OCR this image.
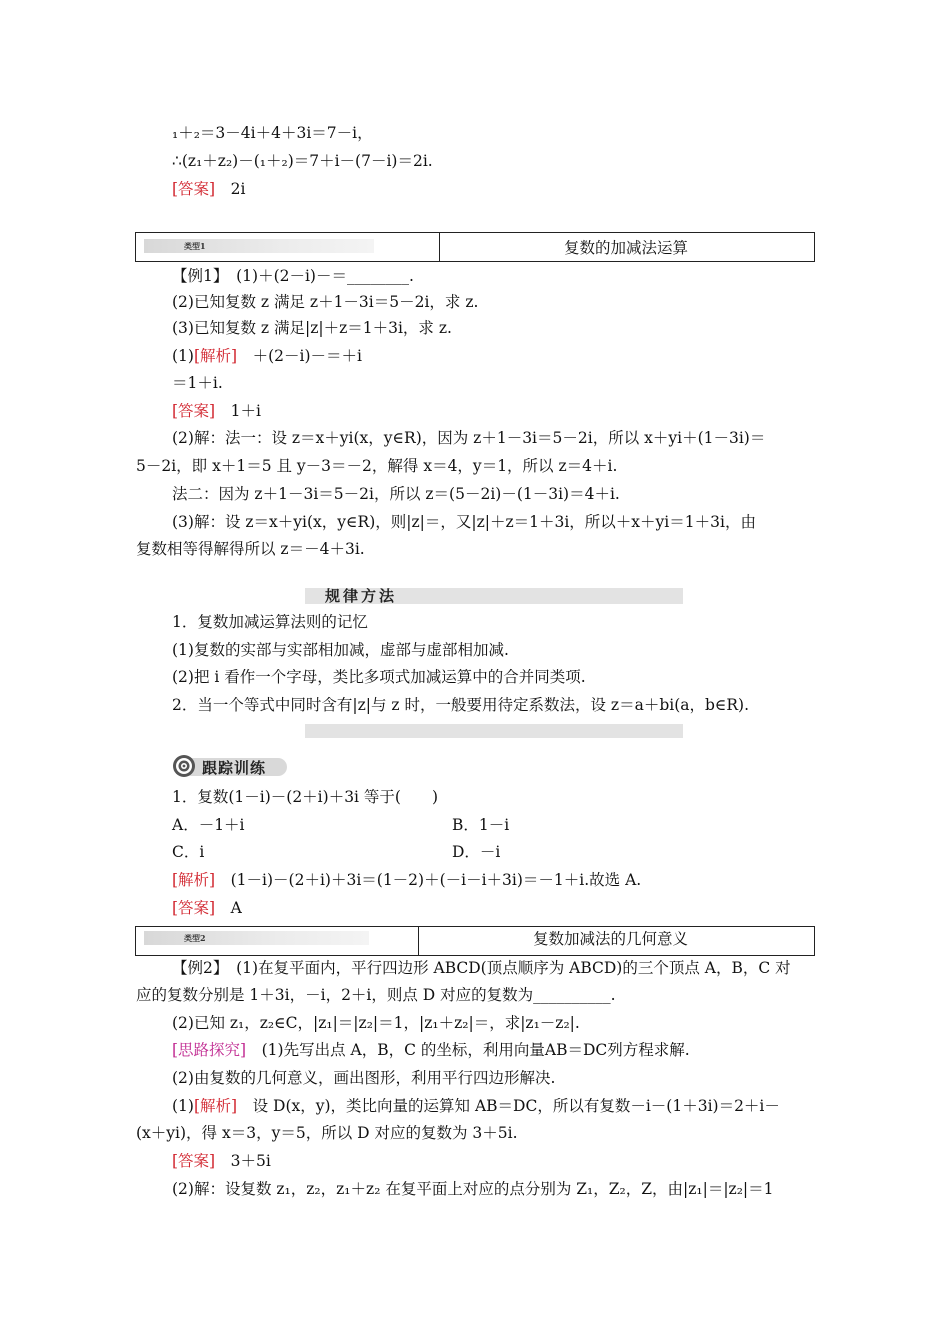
₁＋₂＝3－4i＋4＋3i＝7－i，
∴(z₁＋z₂)－(₁＋₂)＝7＋i－(7－i)＝2i.
[答案]　 2i
类型1	复数的加减法运算
【例1】　(1)＋(2－i)－＝________.
(2)已知复数 z 满足 z＋1－3i＝5－2i，求 z.
(3)已知复数 z 满足|z|＋z＝1＋3i，求 z.
(1)[解析]　＋(2－i)－＝＋i
＝1＋i.
[答案]　 1＋i
(2)解：法一：设 z＝x＋yi(x，y∈R)，因为 z＋1－3i＝5－2i，所以 x＋yi＋(1－3i)＝
5－2i，即 x＋1＝5 且 y－3＝－2，解得 x＝4，y＝1，所以 z＝4＋i.
法二：因为 z＋1－3i＝5－2i，所以 z＝(5－2i)－(1－3i)＝4＋i.
(3)解：设 z＝x＋yi(x，y∈R)，则|z|＝，又|z|＋z＝1＋3i，所以＋x＋yi＝1＋3i，由
复数相等得解得所以 z＝－4＋3i.
规律方法
1．复数加减运算法则的记忆
(1)复数的实部与实部相加减，虚部与虚部相加减.
(2)把 i 看作一个字母，类比多项式加减运算中的合并同类项.
2．当一个等式中同时含有|z|与 z 时，一般要用待定系数法，设 z＝a＋bi(a，b∈R).
跟踪训练
1．复数(1－i)－(2＋i)＋3i 等于(　　)
A．－1＋i	B．1－i
C．i	D．－i
[解析]　 (1－i)－(2＋i)＋3i＝(1－2)＋(－i－i＋3i)＝－1＋i.故选 A.
[答案]　 A
类型2	复数加减法的几何意义
【例2】　(1)在复平面内，平行四边形 ABCD(顶点顺序为 ABCD)的三个顶点 A，B，C 对
应的复数分别是 1＋3i，－i，2＋i，则点 D 对应的复数为__________.
(2)已知 z₁，z₂∈C，|z₁|＝|z₂|＝1，|z₁＋z₂|＝，求|z₁－z₂|.
[思路探究]　 (1)先写出点 A，B，C 的坐标，利用向量AB＝DC列方程求解.
(2)由复数的几何意义，画出图形，利用平行四边形解决.
(1)[解析]　 设 D(x，y)，类比向量的运算知 AB＝DC，所以有复数－i－(1＋3i)＝2＋i－
(x＋yi)，得 x＝3，y＝5，所以 D 对应的复数为 3＋5i.
[答案]　 3＋5i
(2)解：设复数 z₁，z₂，z₁＋z₂ 在复平面上对应的点分别为 Z₁，Z₂，Z，由|z₁|＝|z₂|＝1
